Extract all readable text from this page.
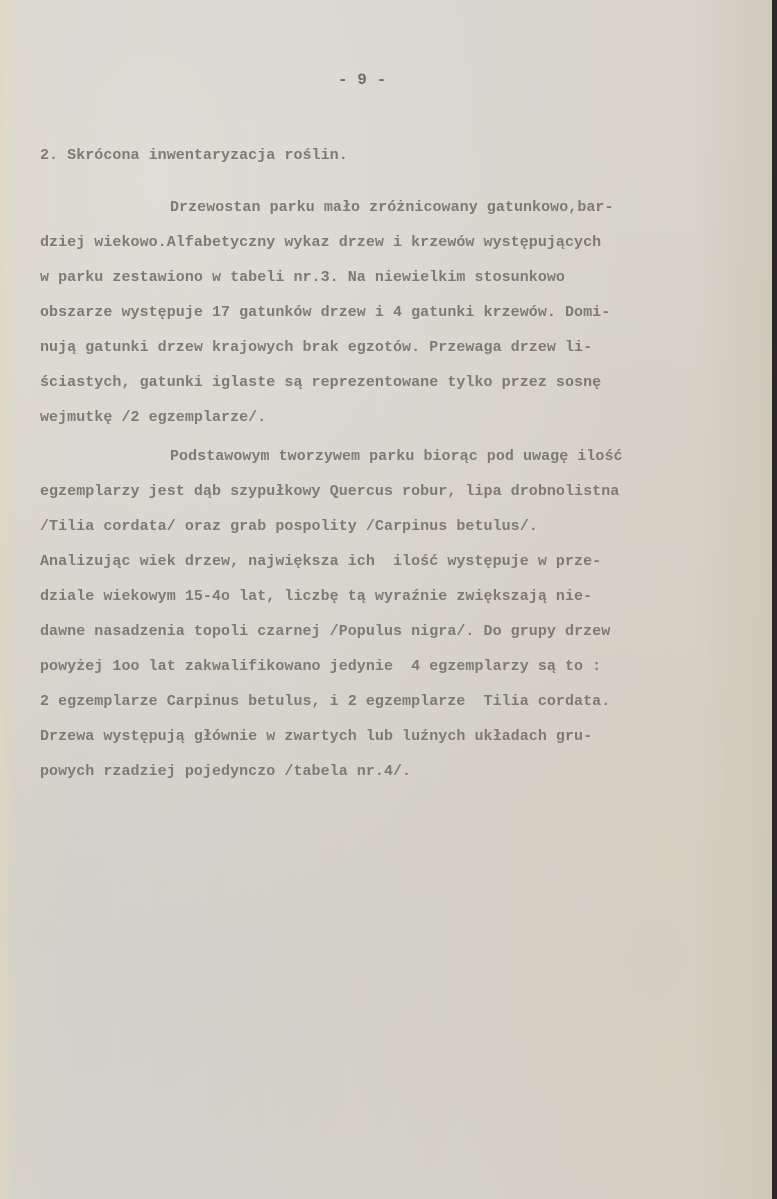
- 9 -
2. Skrócona inwentaryzacja roślin.
Drzewostan parku mało zróżnicowany gatunkowo,bar-
dziej wiekowo.Alfabetyczny wykaz drzew i krzewów występujących
w parku zestawiono w tabeli nr.3. Na niewielkim stosunkowo
obszarze występuje 17 gatunków drzew i 4 gatunki krzewów. Domi-
nują gatunki drzew krajowych brak egzotów. Przewaga drzew li-
ściastych, gatunki iglaste są reprezentowane tylko przez sosnę
wejmutkę /2 egzemplarze/.
Podstawowym tworzywem parku biorąc pod uwagę ilość
egzemplarzy jest dąb szypułkowy Quercus robur, lipa drobnolistna
/Tilia cordata/ oraz grab pospolity /Carpinus betulus/.
Analizując wiek drzew, największa ich  ilość występuje w prze-
dziale wiekowym 15-4o lat, liczbę tą wyraźnie zwiększają nie-
dawne nasadzenia topoli czarnej /Populus nigra/. Do grupy drzew
powyżej 1oo lat zakwalifikowano jedynie  4 egzemplarzy są to :
2 egzemplarze Carpinus betulus, i 2 egzemplarze  Tilia cordata.
Drzewa występują głównie w zwartych lub luźnych układach gru-
powych rzadziej pojedynczo /tabela nr.4/.
